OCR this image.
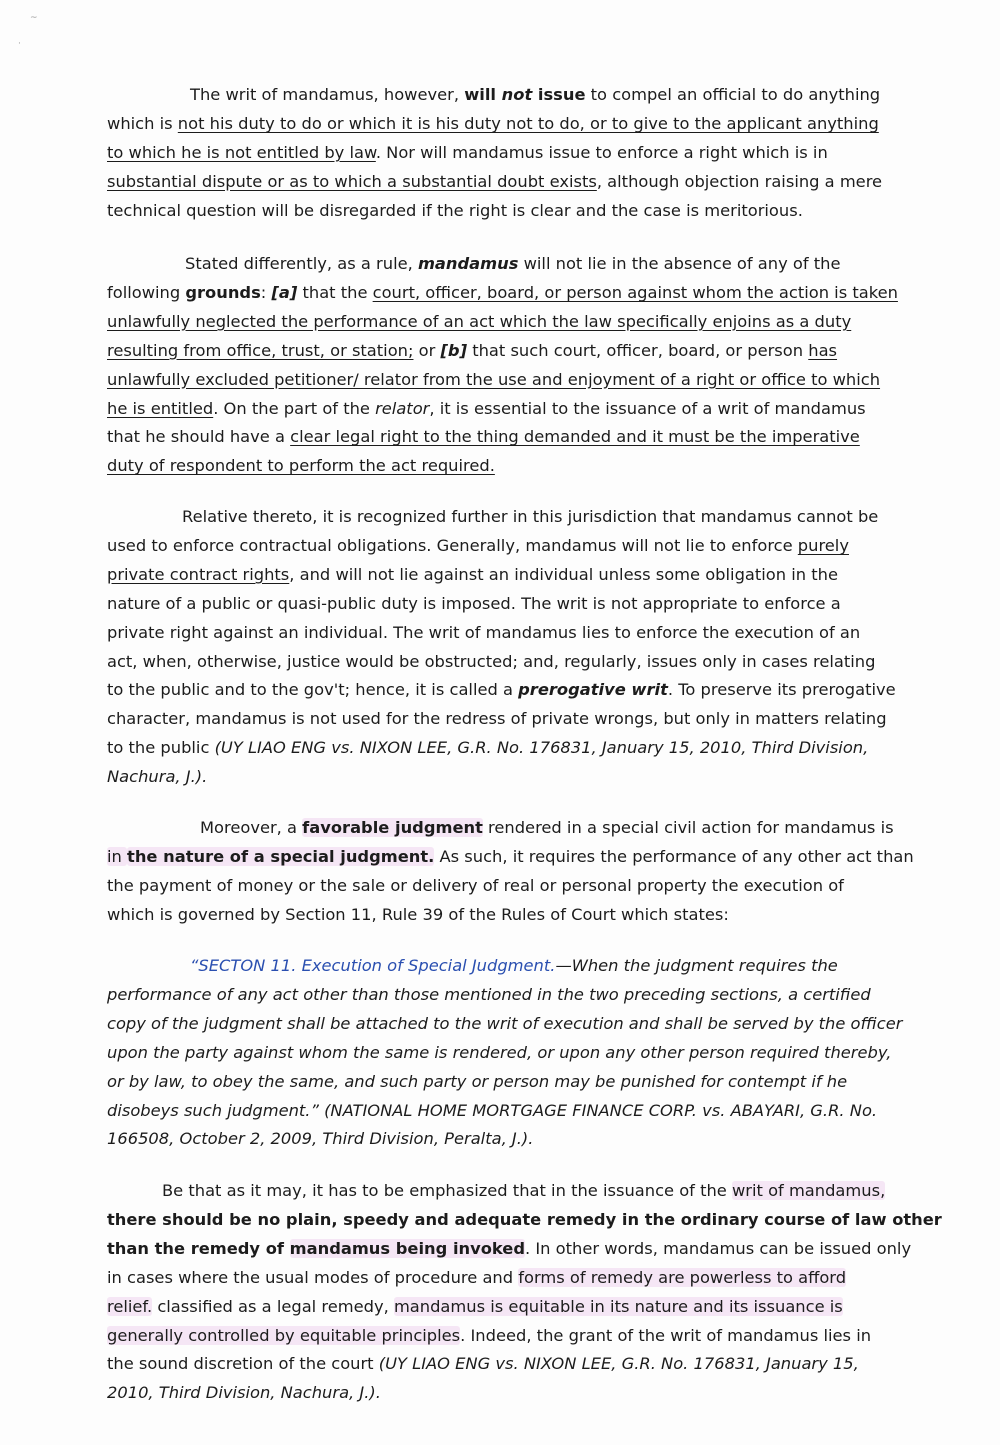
~
·
The writ of mandamus, however, will not issue to compel an official to do anything
which is not his duty to do or which it is his duty not to do, or to give to the applicant anything
to which he is not entitled by law. Nor will mandamus issue to enforce a right which is in
substantial dispute or as to which a substantial doubt exists, although objection raising a mere
technical question will be disregarded if the right is clear and the case is meritorious.
Stated differently, as a rule, mandamus will not lie in the absence of any of the
following grounds: [a] that the court, officer, board, or person against whom the action is taken
unlawfully neglected the performance of an act which the law specifically enjoins as a duty
resulting from office, trust, or station; or [b] that such court, officer, board, or person has
unlawfully excluded petitioner/ relator from the use and enjoyment of a right or office to which
he is entitled. On the part of the relator, it is essential to the issuance of a writ of mandamus
that he should have a clear legal right to the thing demanded and it must be the imperative
duty of respondent to perform the act required.
Relative thereto, it is recognized further in this jurisdiction that mandamus cannot be
used to enforce contractual obligations. Generally, mandamus will not lie to enforce purely
private contract rights, and will not lie against an individual unless some obligation in the
nature of a public or quasi-public duty is imposed. The writ is not appropriate to enforce a
private right against an individual. The writ of mandamus lies to enforce the execution of an
act, when, otherwise, justice would be obstructed; and, regularly, issues only in cases relating
to the public and to the gov't; hence, it is called a prerogative writ. To preserve its prerogative
character, mandamus is not used for the redress of private wrongs, but only in matters relating
to the public (UY LIAO ENG vs. NIXON LEE, G.R. No. 176831, January 15, 2010, Third Division,
Nachura, J.).
Moreover, a favorable judgment rendered in a special civil action for mandamus is
in the nature of a special judgment. As such, it requires the performance of any other act than
the payment of money or the sale or delivery of real or personal property the execution of
which is governed by Section 11, Rule 39 of the Rules of Court which states:
“SECTON 11. Execution of Special Judgment.—When the judgment requires the
performance of any act other than those mentioned in the two preceding sections, a certified
copy of the judgment shall be attached to the writ of execution and shall be served by the officer
upon the party against whom the same is rendered, or upon any other person required thereby,
or by law, to obey the same, and such party or person may be punished for contempt if he
disobeys such judgment.” (NATIONAL HOME MORTGAGE FINANCE CORP. vs. ABAYARI, G.R. No.
166508, October 2, 2009, Third Division, Peralta, J.).
Be that as it may, it has to be emphasized that in the issuance of the writ of mandamus,
there should be no plain, speedy and adequate remedy in the ordinary course of law other
than the remedy of mandamus being invoked. In other words, mandamus can be issued only
in cases where the usual modes of procedure and forms of remedy are powerless to afford
relief. classified as a legal remedy, mandamus is equitable in its nature and its issuance is
generally controlled by equitable principles. Indeed, the grant of the writ of mandamus lies in
the sound discretion of the court (UY LIAO ENG vs. NIXON LEE, G.R. No. 176831, January 15,
2010, Third Division, Nachura, J.).
